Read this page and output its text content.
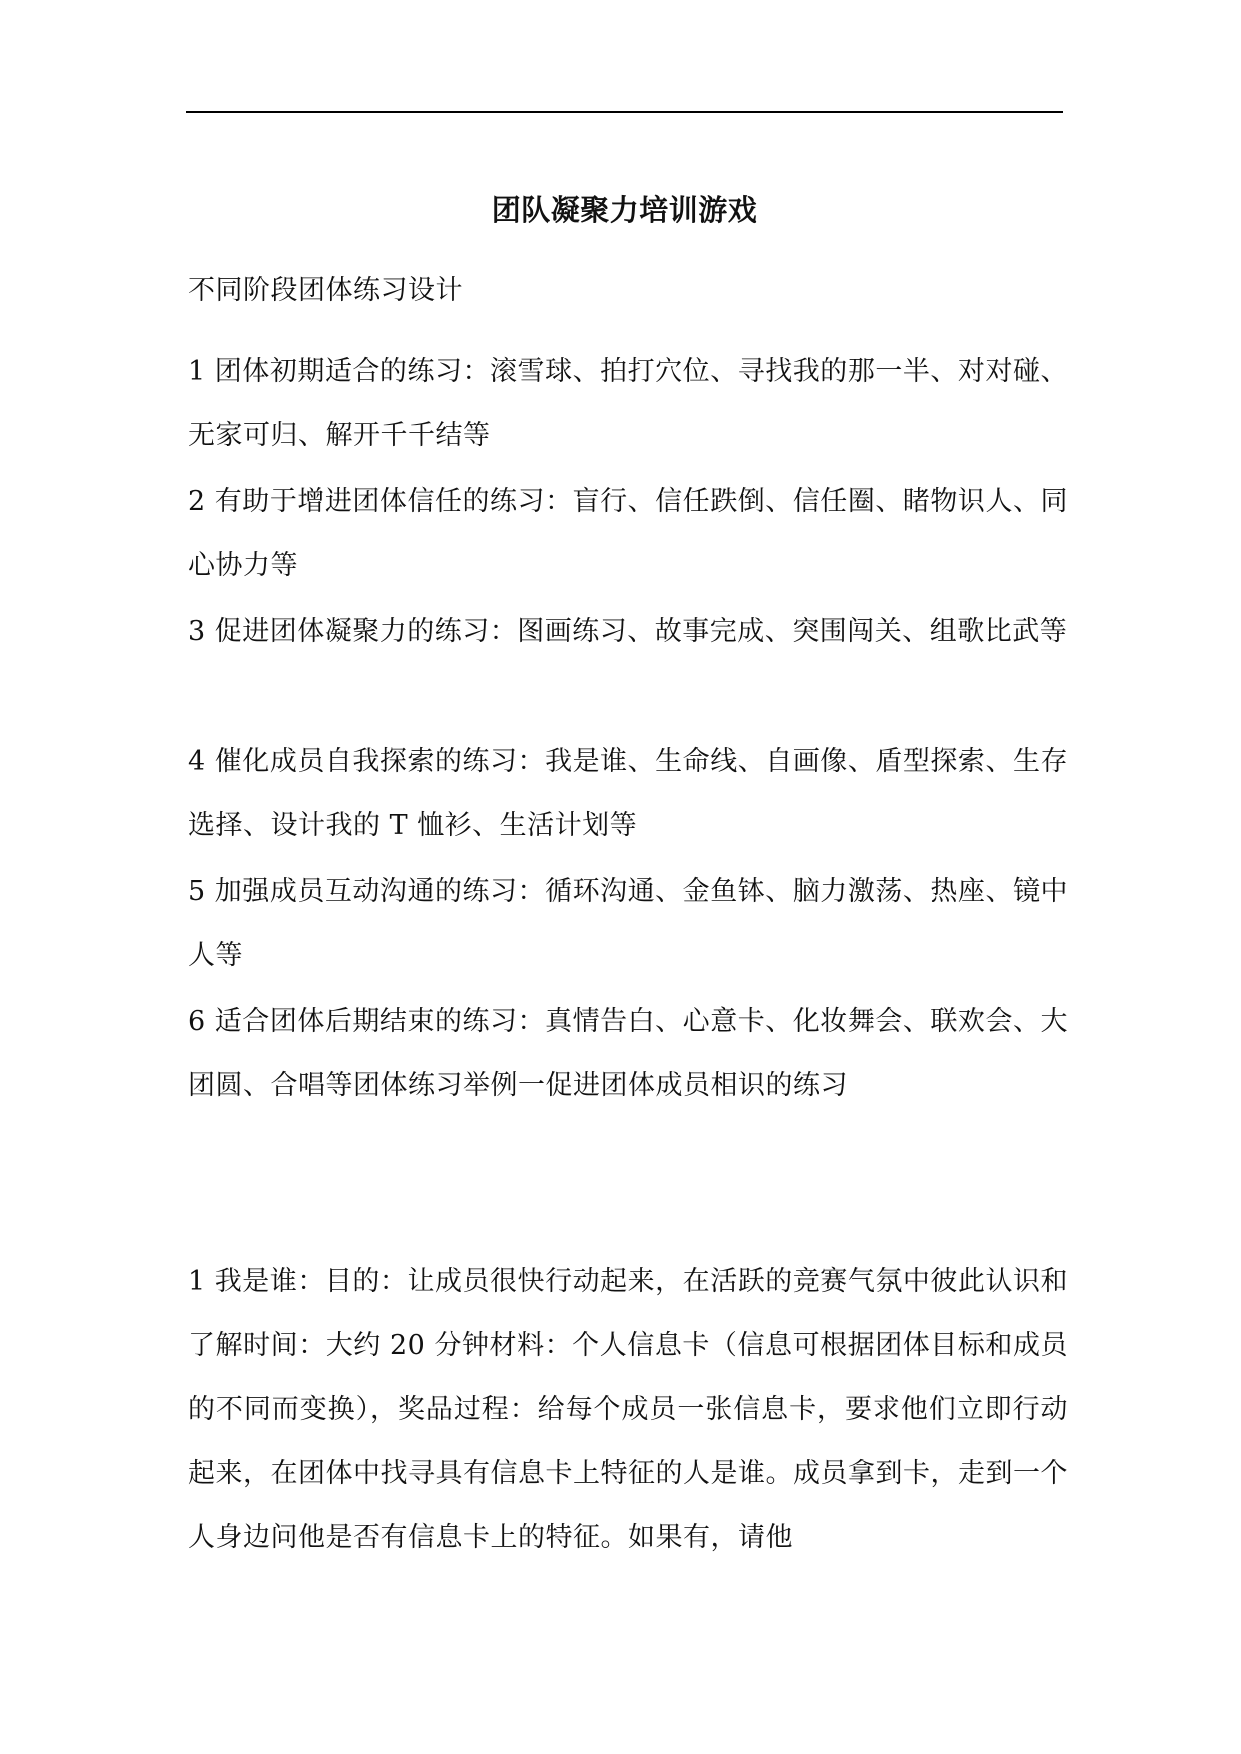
团队凝聚力培训游戏

不同阶段团体练习设计

1 团体初期适合的练习：滚雪球、拍打穴位、寻找我的那一半、对对碰、无家可归、解开千千结等

2 有助于增进团体信任的练习：盲行、信任跌倒、信任圈、睹物识人、同心协力等

3 促进团体凝聚力的练习：图画练习、故事完成、突围闯关、组歌比武等

4 催化成员自我探索的练习：我是谁、生命线、自画像、盾型探索、生存选择、设计我的 T 恤衫、生活计划等

5 加强成员互动沟通的练习：循环沟通、金鱼钵、脑力激荡、热座、镜中人等

6 适合团体后期结束的练习：真情告白、心意卡、化妆舞会、联欢会、大团圆、合唱等团体练习举例一促进团体成员相识的练习

1 我是谁：目的：让成员很快行动起来，在活跃的竞赛气氛中彼此认识和了解时间：大约 20 分钟材料：个人信息卡（信息可根据团体目标和成员的不同而变换），奖品过程：给每个成员一张信息卡，要求他们立即行动起来，在团体中找寻具有信息卡上特征的人是谁。成员拿到卡，走到一个人身边问他是否有信息卡上的特征。如果有，请他
